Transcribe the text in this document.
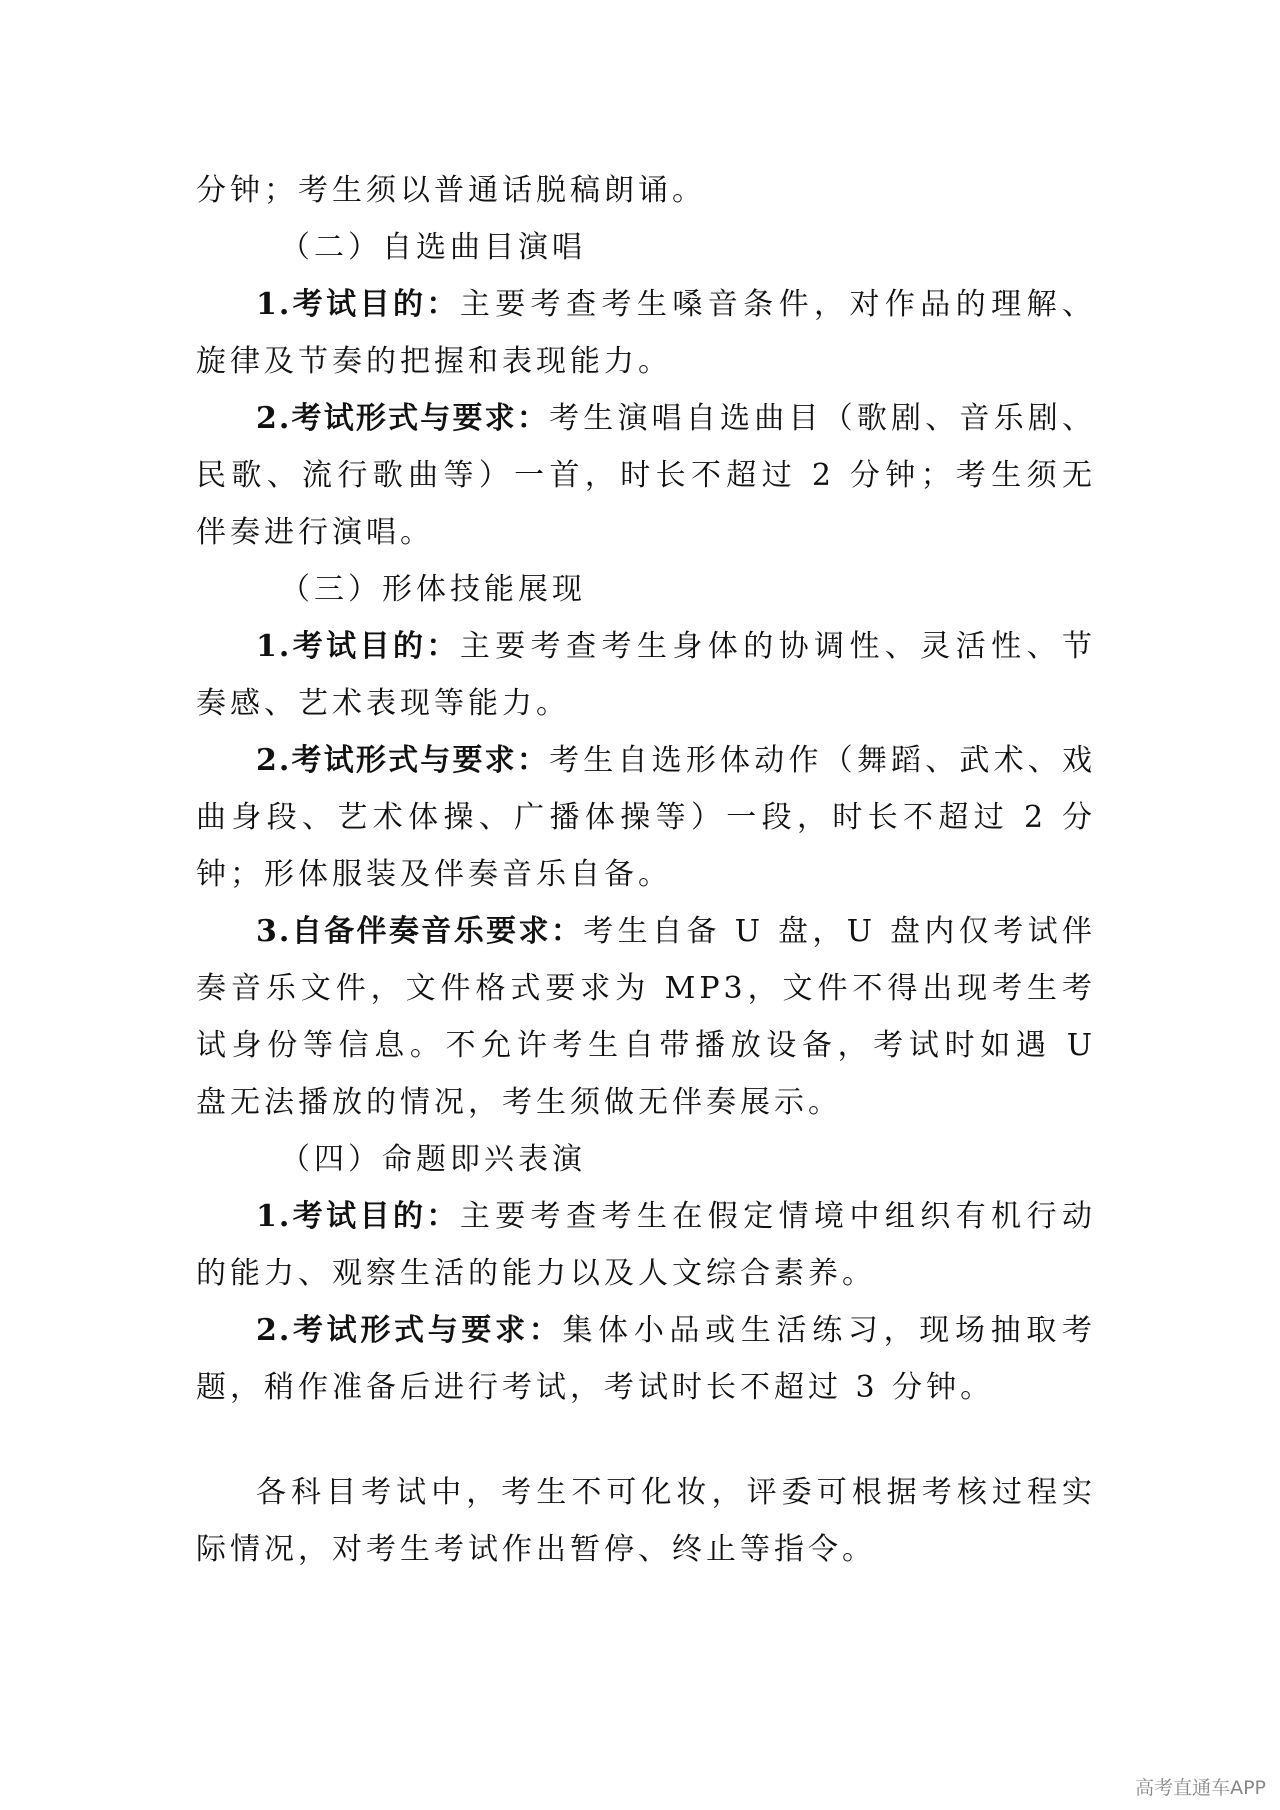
分钟；考生须以普通话脱稿朗诵。

（二）自选曲目演唱

1.考试目的：主要考查考生嗓音条件，对作品的理解、旋律及节奏的把握和表现能力。

2.考试形式与要求：考生演唱自选曲目（歌剧、音乐剧、民歌、流行歌曲等）一首，时长不超过 2 分钟；考生须无伴奏进行演唱。

（三）形体技能展现

1.考试目的：主要考查考生身体的协调性、灵活性、节奏感、艺术表现等能力。

2.考试形式与要求：考生自选形体动作（舞蹈、武术、戏曲身段、艺术体操、广播体操等）一段，时长不超过 2 分钟；形体服装及伴奏音乐自备。

3.自备伴奏音乐要求：考生自备 U 盘，U 盘内仅考试伴奏音乐文件，文件格式要求为 MP3，文件不得出现考生考试身份等信息。不允许考生自带播放设备，考试时如遇 U 盘无法播放的情况，考生须做无伴奏展示。

（四）命题即兴表演

1.考试目的：主要考查考生在假定情境中组织有机行动的能力、观察生活的能力以及人文综合素养。

2.考试形式与要求：集体小品或生活练习，现场抽取考题，稍作准备后进行考试，考试时长不超过 3 分钟。

各科目考试中，考生不可化妆，评委可根据考核过程实际情况，对考生考试作出暂停、终止等指令。

高考直通车APP
